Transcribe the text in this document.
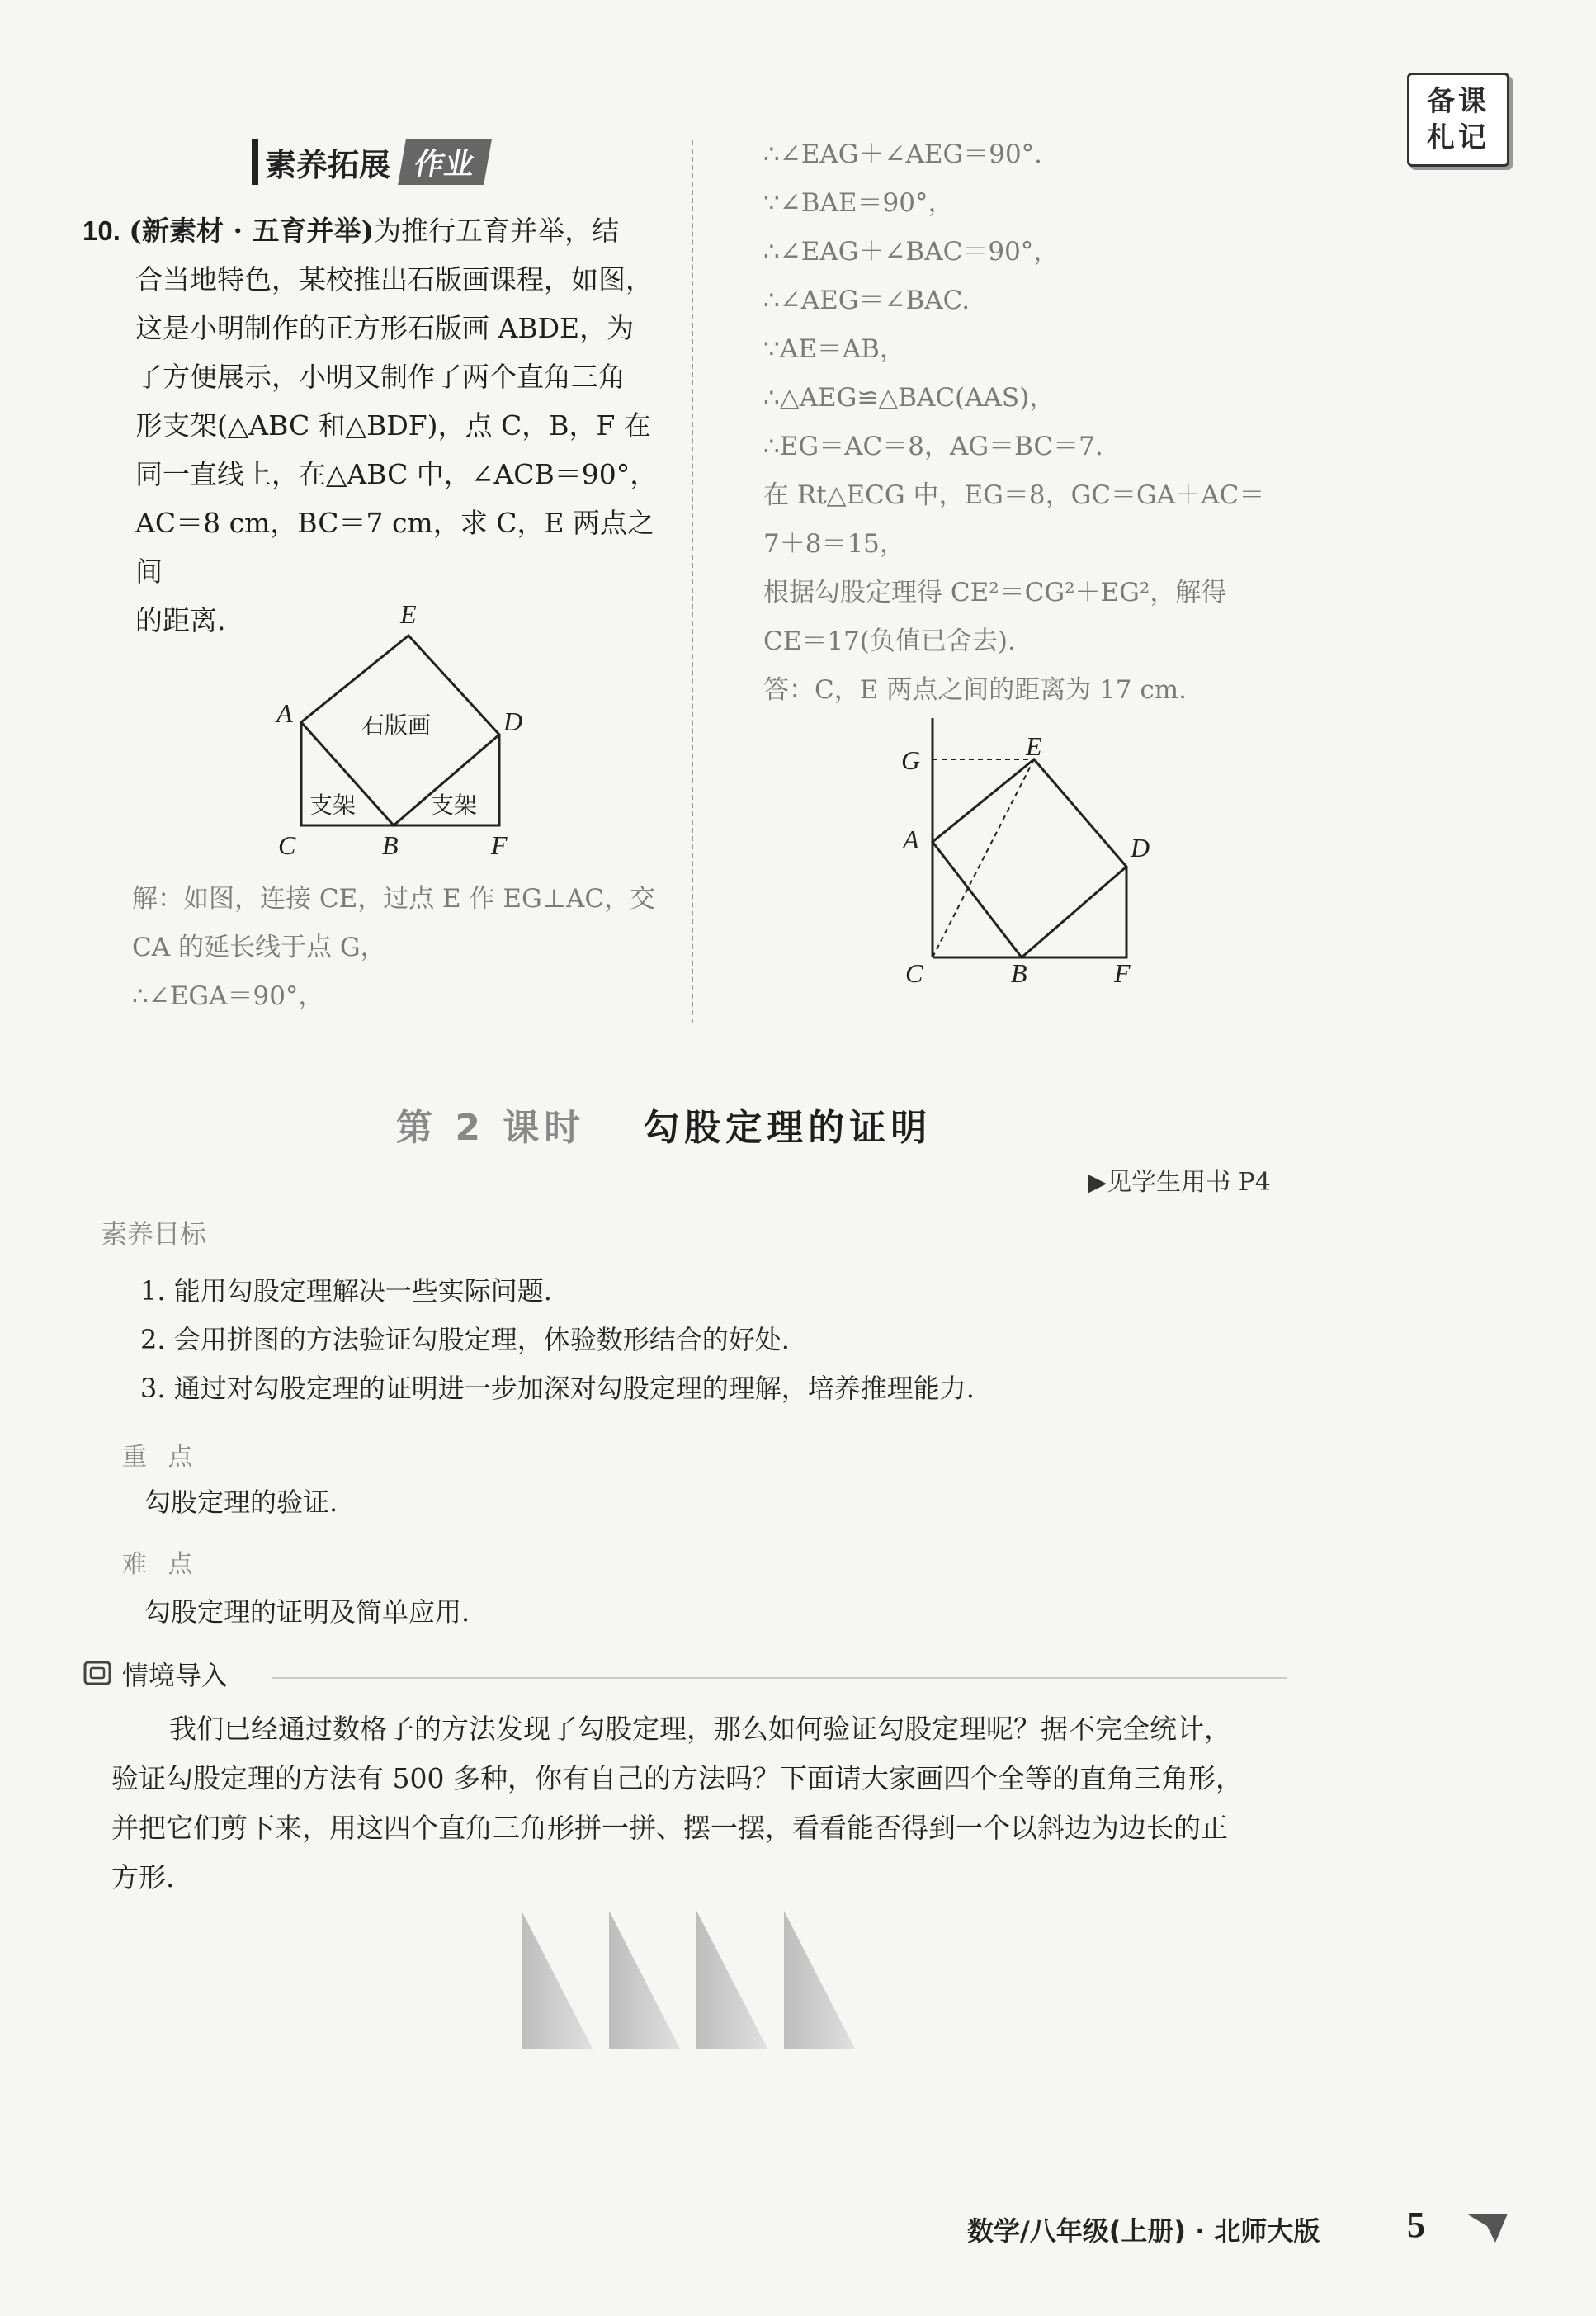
备课
札记
素养拓展 作业
10. (新素材 · 五育并举)为推行五育并举，结
合当地特色，某校推出石版画课程，如图，
这是小明制作的正方形石版画 ABDE，为
了方便展示，小明又制作了两个直角三角
形支架(△ABC 和△BDF)，点 C，B，F 在
同一直线上，在△ABC 中，∠ACB＝90°，
AC＝8 cm，BC＝7 cm，求 C，E 两点之间
的距离.	E
A	D
C	B	F
石版画
支架	支架
解：如图，连接 CE，过点 E 作 EG⊥AC，交
CA 的延长线于点 G，
∴∠EGA＝90°，
∴∠EAG＋∠AEG＝90°.
∵∠BAE＝90°，
∴∠EAG＋∠BAC＝90°，
∴∠AEG＝∠BAC.
∵AE＝AB，
∴△AEG≌△BAC(AAS)，
∴EG＝AC＝8，AG＝BC＝7.
在 Rt△ECG 中，EG＝8，GC＝GA＋AC＝
7＋8＝15，
根据勾股定理得 CE²＝CG²＋EG²，解得
CE＝17(负值已舍去).
答：C，E 两点之间的距离为 17 cm.
G	E
A	D
C	B	F
第 2 课时 勾股定理的证明
▶见学生用书 P4
素养目标
1. 能用勾股定理解决一些实际问题.
2. 会用拼图的方法验证勾股定理，体验数形结合的好处.
3. 通过对勾股定理的证明进一步加深对勾股定理的理解，培养推理能力.
重 点
勾股定理的验证.
难 点
勾股定理的证明及简单应用.
情境导入
我们已经通过数格子的方法发现了勾股定理，那么如何验证勾股定理呢？据不完全统计，
验证勾股定理的方法有 500 多种，你有自己的方法吗？下面请大家画四个全等的直角三角形，
并把它们剪下来，用这四个直角三角形拼一拼、摆一摆，看看能否得到一个以斜边为边长的正
方形.
数学/八年级(上册) · 北师大版 5
